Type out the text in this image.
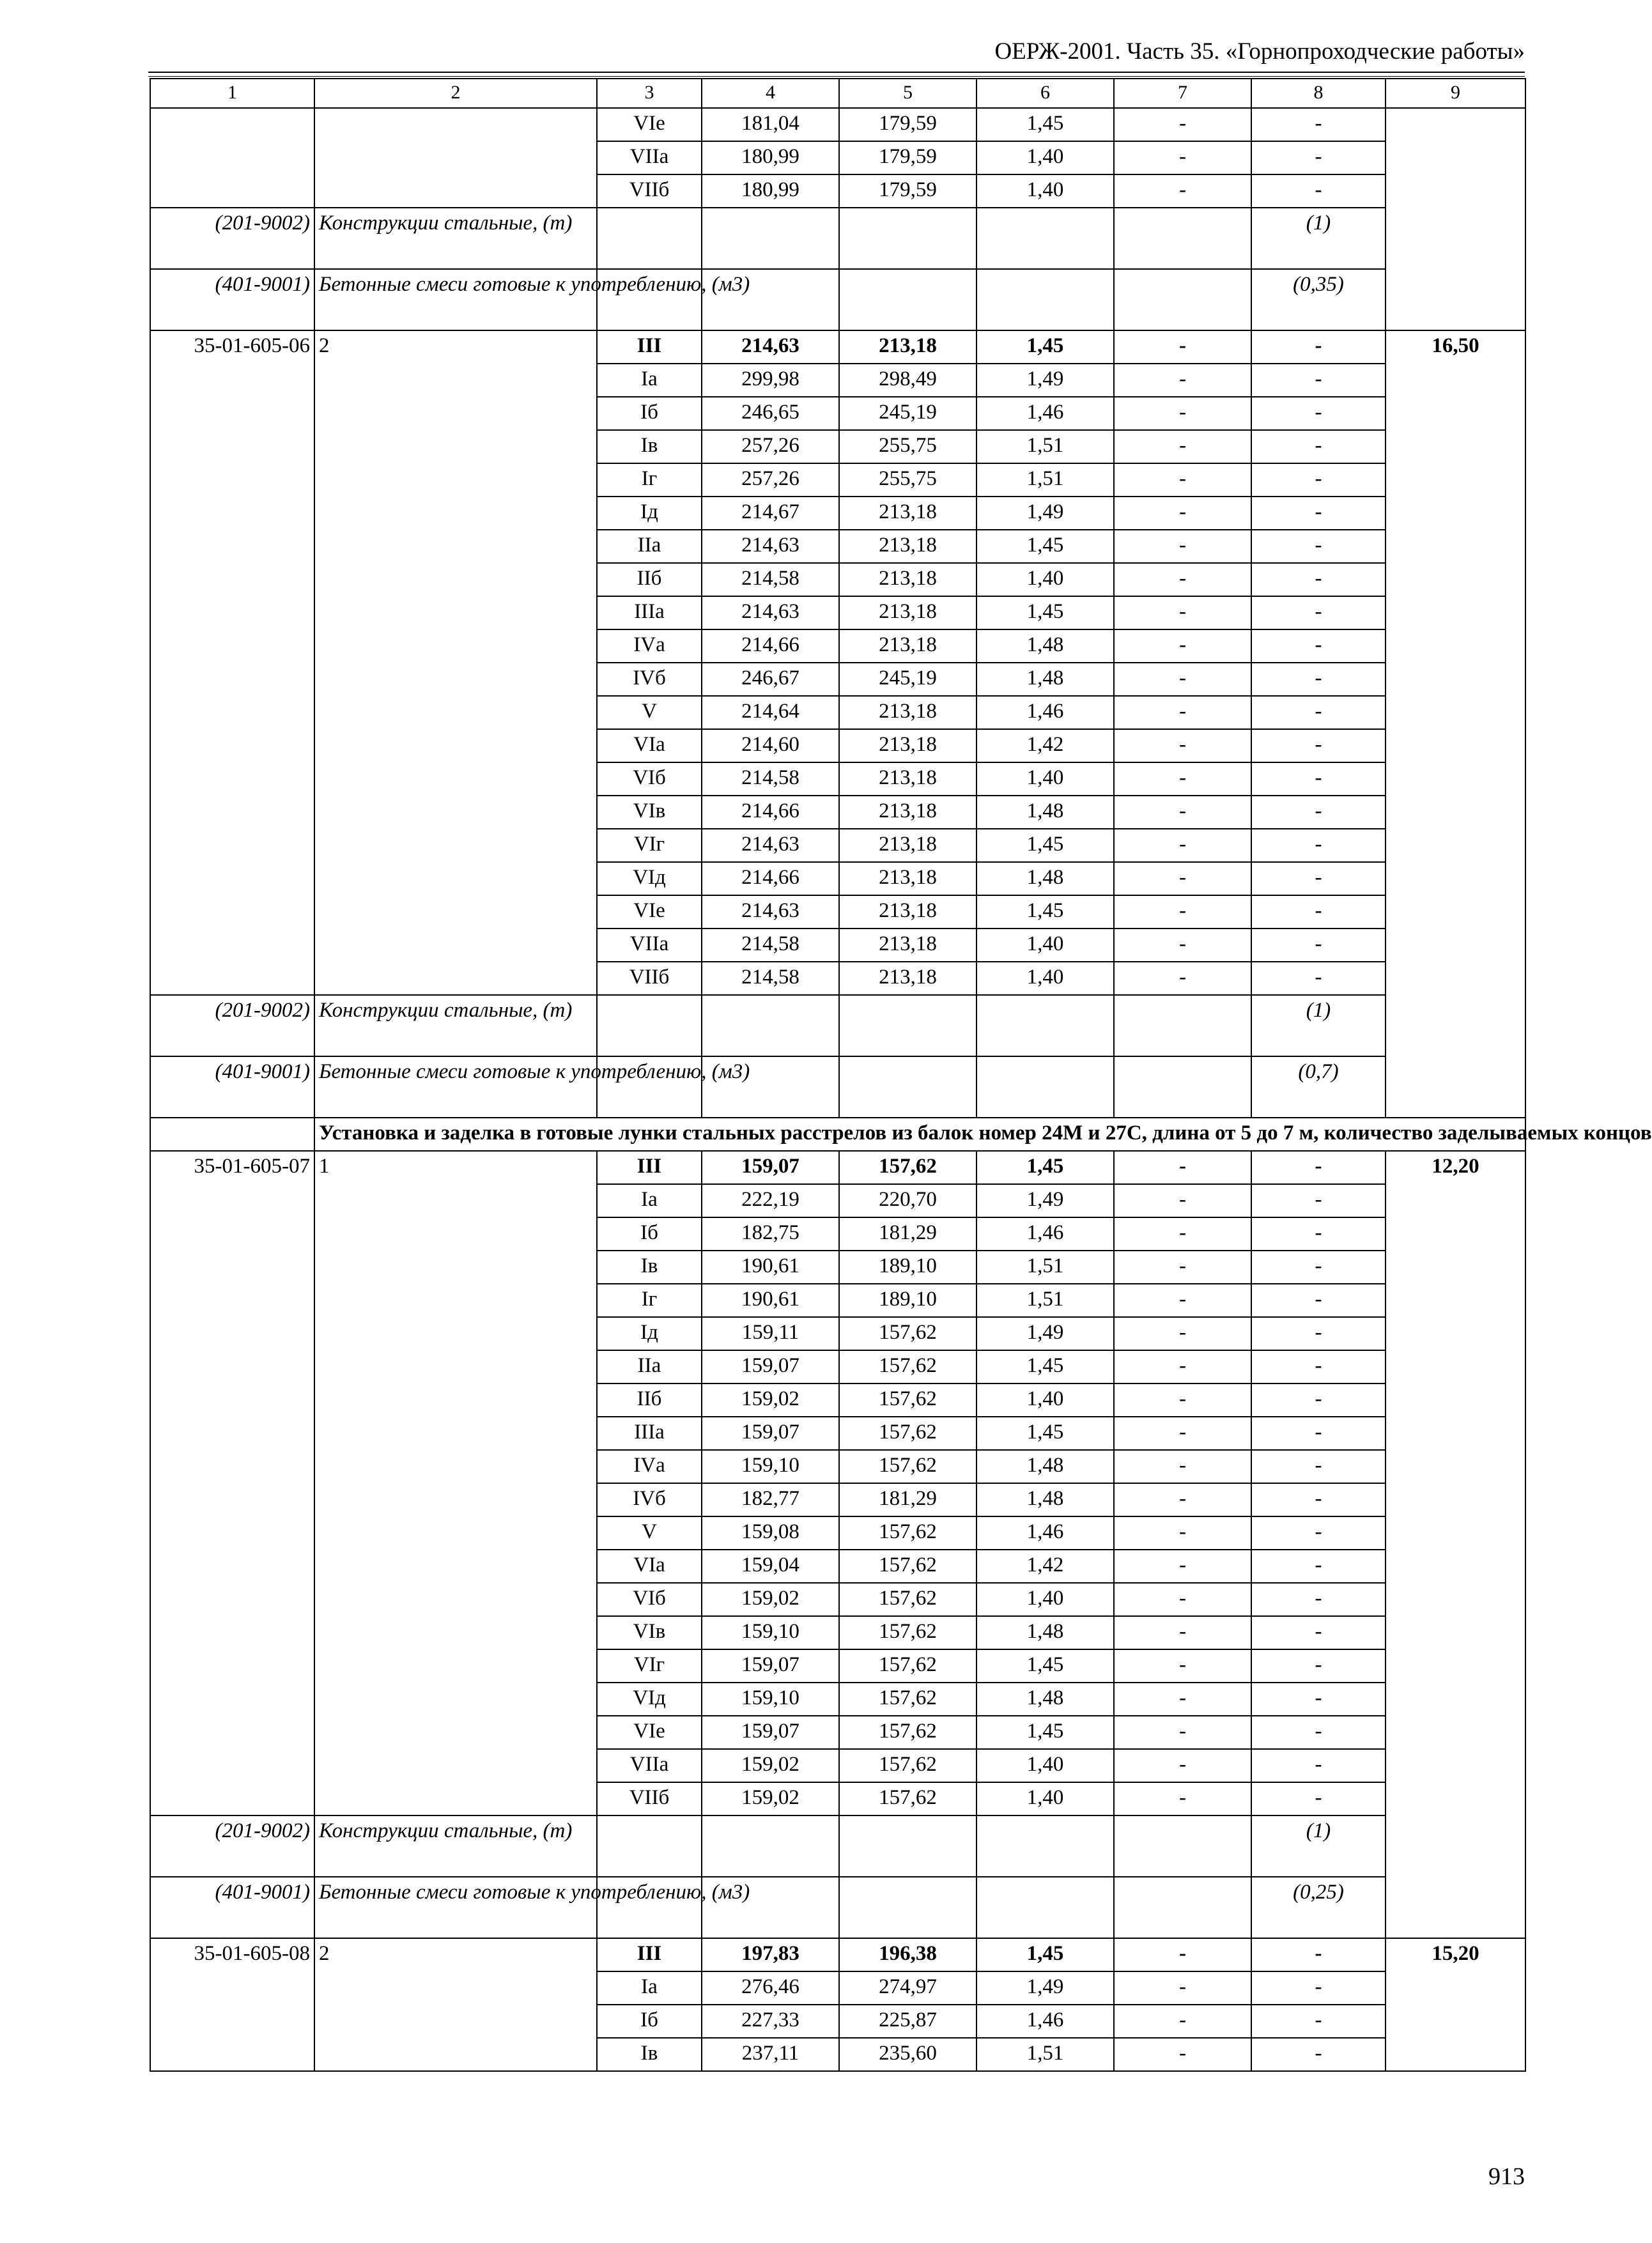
ОЕРЖ-2001. Часть 35. «Горнопроходческие работы»
1	2	3	4	5	6	7	8	9
		VIе	181,04	179,59	1,45	-	-	
		VIIа	180,99	179,59	1,40	-	-	
		VIIб	180,99	179,59	1,40	-	-	
(201-9002)	Конструкции стальные, (т)						(1)	
(401-9001)	Бетонные смеси готовые к употреблению, (м3)						(0,35)	
35-01-605-06	2	III	214,63	213,18	1,45	-	-	16,50
		Iа	299,98	298,49	1,49	-	-	
		Iб	246,65	245,19	1,46	-	-	
		Iв	257,26	255,75	1,51	-	-	
		Iг	257,26	255,75	1,51	-	-	
		Iд	214,67	213,18	1,49	-	-	
		IIа	214,63	213,18	1,45	-	-	
		IIб	214,58	213,18	1,40	-	-	
		IIIа	214,63	213,18	1,45	-	-	
		IVа	214,66	213,18	1,48	-	-	
		IVб	246,67	245,19	1,48	-	-	
		V	214,64	213,18	1,46	-	-	
		VIа	214,60	213,18	1,42	-	-	
		VIб	214,58	213,18	1,40	-	-	
		VIв	214,66	213,18	1,48	-	-	
		VIг	214,63	213,18	1,45	-	-	
		VIд	214,66	213,18	1,48	-	-	
		VIе	214,63	213,18	1,45	-	-	
		VIIа	214,58	213,18	1,40	-	-	
		VIIб	214,58	213,18	1,40	-	-	
(201-9002)	Конструкции стальные, (т)						(1)	
(401-9001)	Бетонные смеси готовые к употреблению, (м3)						(0,7)	
	Установка и заделка в готовые лунки стальных расстрелов из балок номер 24М и 27С, длина от 5 до 7 м, количество заделываемых концов							
35-01-605-07	1	III	159,07	157,62	1,45	-	-	12,20
		Iа	222,19	220,70	1,49	-	-	
		Iб	182,75	181,29	1,46	-	-	
		Iв	190,61	189,10	1,51	-	-	
		Iг	190,61	189,10	1,51	-	-	
		Iд	159,11	157,62	1,49	-	-	
		IIа	159,07	157,62	1,45	-	-	
		IIб	159,02	157,62	1,40	-	-	
		IIIа	159,07	157,62	1,45	-	-	
		IVа	159,10	157,62	1,48	-	-	
		IVб	182,77	181,29	1,48	-	-	
		V	159,08	157,62	1,46	-	-	
		VIа	159,04	157,62	1,42	-	-	
		VIб	159,02	157,62	1,40	-	-	
		VIв	159,10	157,62	1,48	-	-	
		VIг	159,07	157,62	1,45	-	-	
		VIд	159,10	157,62	1,48	-	-	
		VIе	159,07	157,62	1,45	-	-	
		VIIа	159,02	157,62	1,40	-	-	
		VIIб	159,02	157,62	1,40	-	-	
(201-9002)	Конструкции стальные, (т)						(1)	
(401-9001)	Бетонные смеси готовые к употреблению, (м3)						(0,25)	
35-01-605-08	2	III	197,83	196,38	1,45	-	-	15,20
		Iа	276,46	274,97	1,49	-	-	
		Iб	227,33	225,87	1,46	-	-	
		Iв	237,11	235,60	1,51	-	-	
913
